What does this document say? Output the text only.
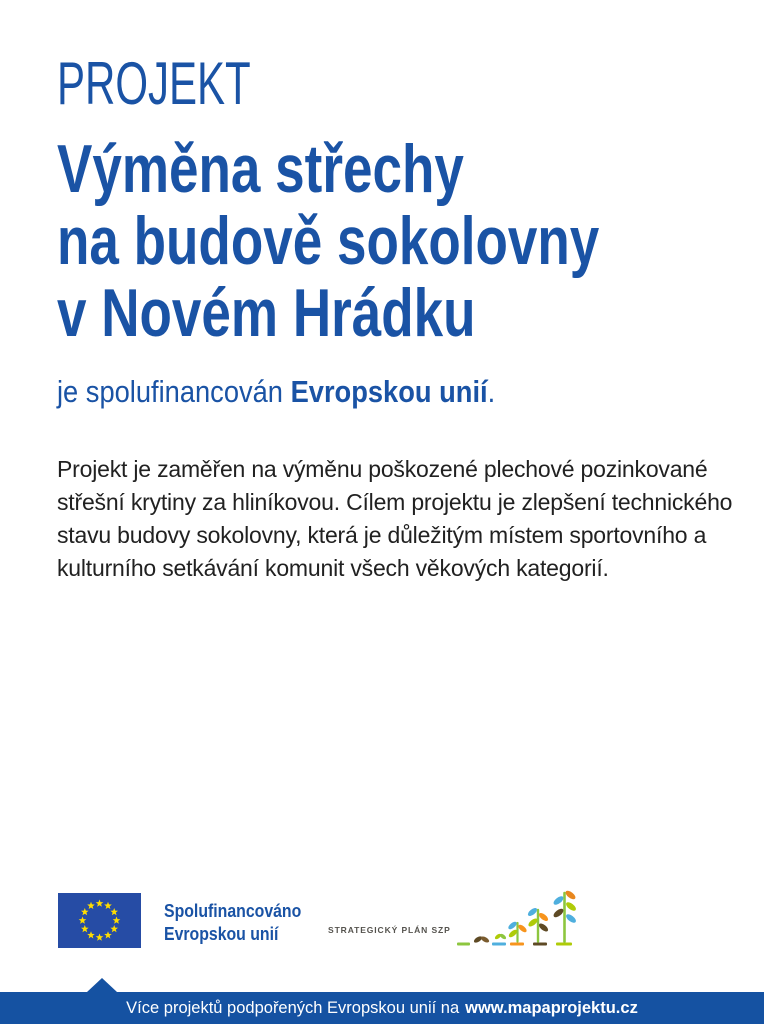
PROJEKT
Výměna střechy
na budově sokolovny
v Novém Hrádku
je spolufinancován Evropskou unií.

Projekt je zaměřen na výměnu poškozené plechové pozinkované střešní krytiny za hliníkovou. Cílem projektu je zlepšení technického stavu budovy sokolovny, která je důležitým místem sportovního a kulturního setkávání komunit všech věkových kategorií.

Spolufinancováno
Evropskou unií	STRATEGICKÝ PLÁN SZP
Více projektů podpořených Evropskou unií na www.mapaprojektu.cz
